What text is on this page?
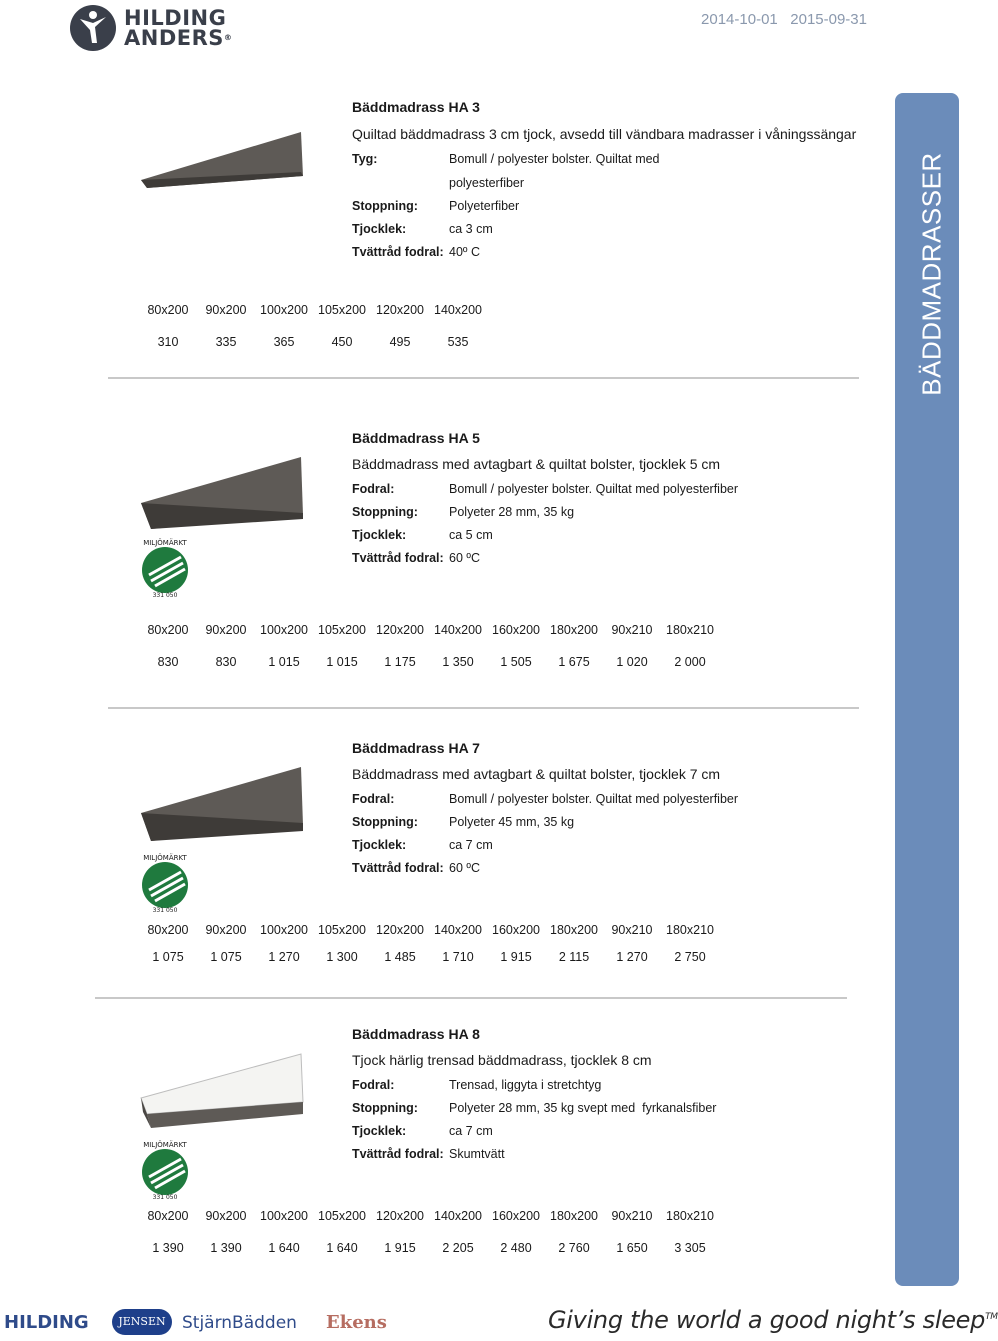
HILDING
ANDERS®
2014-10-01   2015-09-31
BÄDDMADRASSER
Bäddmadrass HA 3
Quiltad bäddmadrass 3 cm tjock, avsedd till vändbara madrasser i våningssängar
Tyg:	Bomull / polyester bolster. Quiltat med
polyesterfiber
Stoppning: Polyeterfiber
Tjocklek:	ca 3 cm
Tvättråd fodral: 40º C
80x200	90x200	100x200 105x200 120x200 140x200
310	335	365	450	495	535
MILJÖMÄRKT
331 050
Bäddmadrass HA 5
Bäddmadrass med avtagbart & quiltat bolster, tjocklek 5 cm
Fodral:	Bomull / polyester bolster. Quiltat med polyesterfiber
Stoppning: Polyeter 28 mm, 35 kg
Tjocklek:	ca 5 cm
Tvättråd fodral: 60 ºC
80x200	90x200	100x200 105x200 120x200 140x200 160x200 180x200	90x210	180x210
830	830	1 015	1 015	1 175	1 350	1 505	1 675	1 020	2 000
MILJÖMÄRKT
331 050
Bäddmadrass HA 7
Bäddmadrass med avtagbart & quiltat bolster, tjocklek 7 cm
Fodral:	Bomull / polyester bolster. Quiltat med polyesterfiber
Stoppning: Polyeter 45 mm, 35 kg
Tjocklek:	ca 7 cm
Tvättråd fodral: 60 ºC
80x200	90x200	100x200 105x200 120x200 140x200 160x200 180x200	90x210	180x210
1 075	1 075	1 270	1 300	1 485	1 710	1 915	2 115	1 270	2 750
MILJÖMÄRKT
331 050
Bäddmadrass HA 8
Tjock härlig trensad bäddmadrass, tjocklek 8 cm
Fodral:	Trensad, liggyta i stretchtyg
Stoppning: Polyeter 28 mm, 35 kg svept med  fyrkanalsfiber
Tjocklek:	ca 7 cm
Tvättråd fodral: Skumtvätt
80x200	90x200	100x200 105x200 120x200 140x200 160x200 180x200	90x210	180x210
1 390	1 390	1 640	1 640	1 915	2 205	2 480	2 760	1 650	3 305
HILDING	JENSEN StjärnBädden Ekens	Giving the world a good night’s sleep™
